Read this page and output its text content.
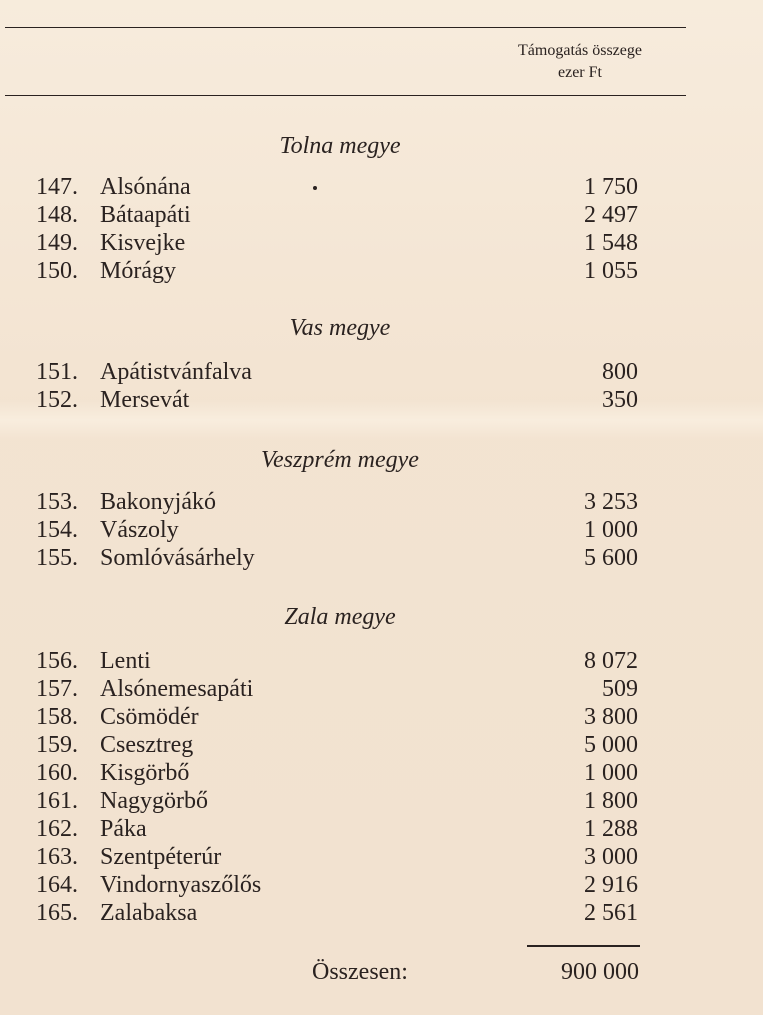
Támogatás összege
ezer Ft
Tolna megye
147. Alsónána	1 750
148. Bátaapáti	2 497
149. Kisvejke	1 548
150. Mórágy	1 055
Vas megye
151. Apátistvánfalva	800
152. Mersevát	350
Veszprém megye
153. Bakonyjákó	3 253
154. Vászoly	1 000
155. Somlóvásárhely	5 600
Zala megye
156. Lenti	8 072
157. Alsónemesapáti	509
158. Csömödér	3 800
159. Csesztreg	5 000
160. Kisgörbő	1 000
161. Nagygörbő	1 800
162. Páka	1 288
163. Szentpéterúr	3 000
164. Vindornyaszőlős	2 916
165. Zalabaksa	2 561
Összesen:	900 000
